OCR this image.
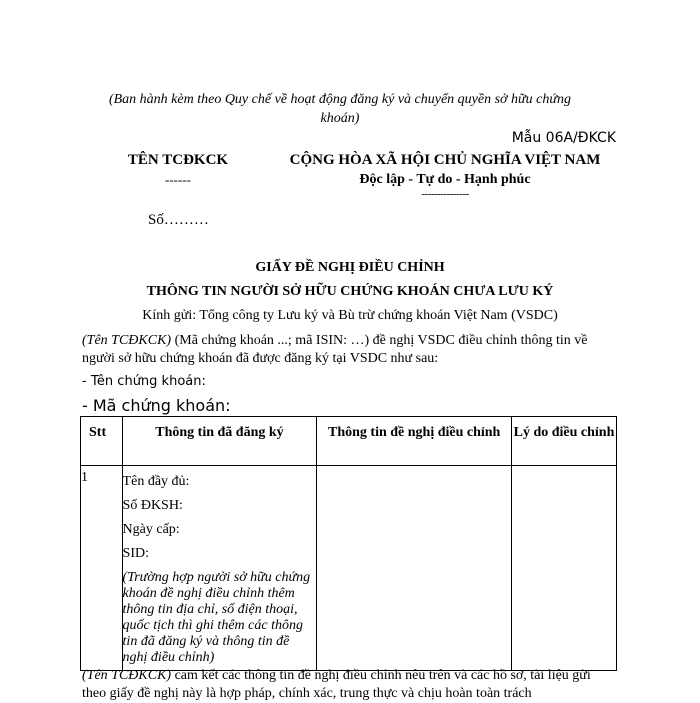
(Ban hành kèm theo Quy chế về hoạt động đăng ký và chuyển quyền sở hữu chứng khoán)
Mẫu 06A/ĐKCK
TÊN TCĐKCK
------
CỘNG HÒA XÃ HỘI CHỦ NGHĨA VIỆT NAM
Độc lập - Tự do - Hạnh phúc
---------------
Số………
GIẤY ĐỀ NGHỊ ĐIỀU CHỈNH
THÔNG TIN NGƯỜI SỞ HỮU CHỨNG KHOÁN CHƯA LƯU KÝ
Kính gửi: Tổng công ty Lưu ký và Bù trừ chứng khoán Việt Nam (VSDC)
(Tên TCĐKCK) (Mã chứng khoán ...; mã ISIN: …) đề nghị VSDC điều chỉnh thông tin về người sở hữu chứng khoán đã được đăng ký tại VSDC như sau:
- Tên chứng khoán:
- Mã chứng khoán:
Stt	Thông tin đã đăng ký	Thông tin đề nghị điều chỉnh	Lý do điều chỉnh
1	Tên đầy đủ:
Số ĐKSH:
Ngày cấp:
SID:
(Trường hợp người sở hữu chứng khoán đề nghị điều chỉnh thêm thông tin địa chỉ, số điện thoại, quốc tịch thì ghi thêm các thông tin đã đăng ký và thông tin đề nghị điều chỉnh)		

(Tên TCĐKCK) cam kết các thông tin đề nghị điều chỉnh nêu trên và các hồ sơ, tài liệu gửi theo giấy đề nghị này là hợp pháp, chính xác, trung thực và chịu hoàn toàn trách
